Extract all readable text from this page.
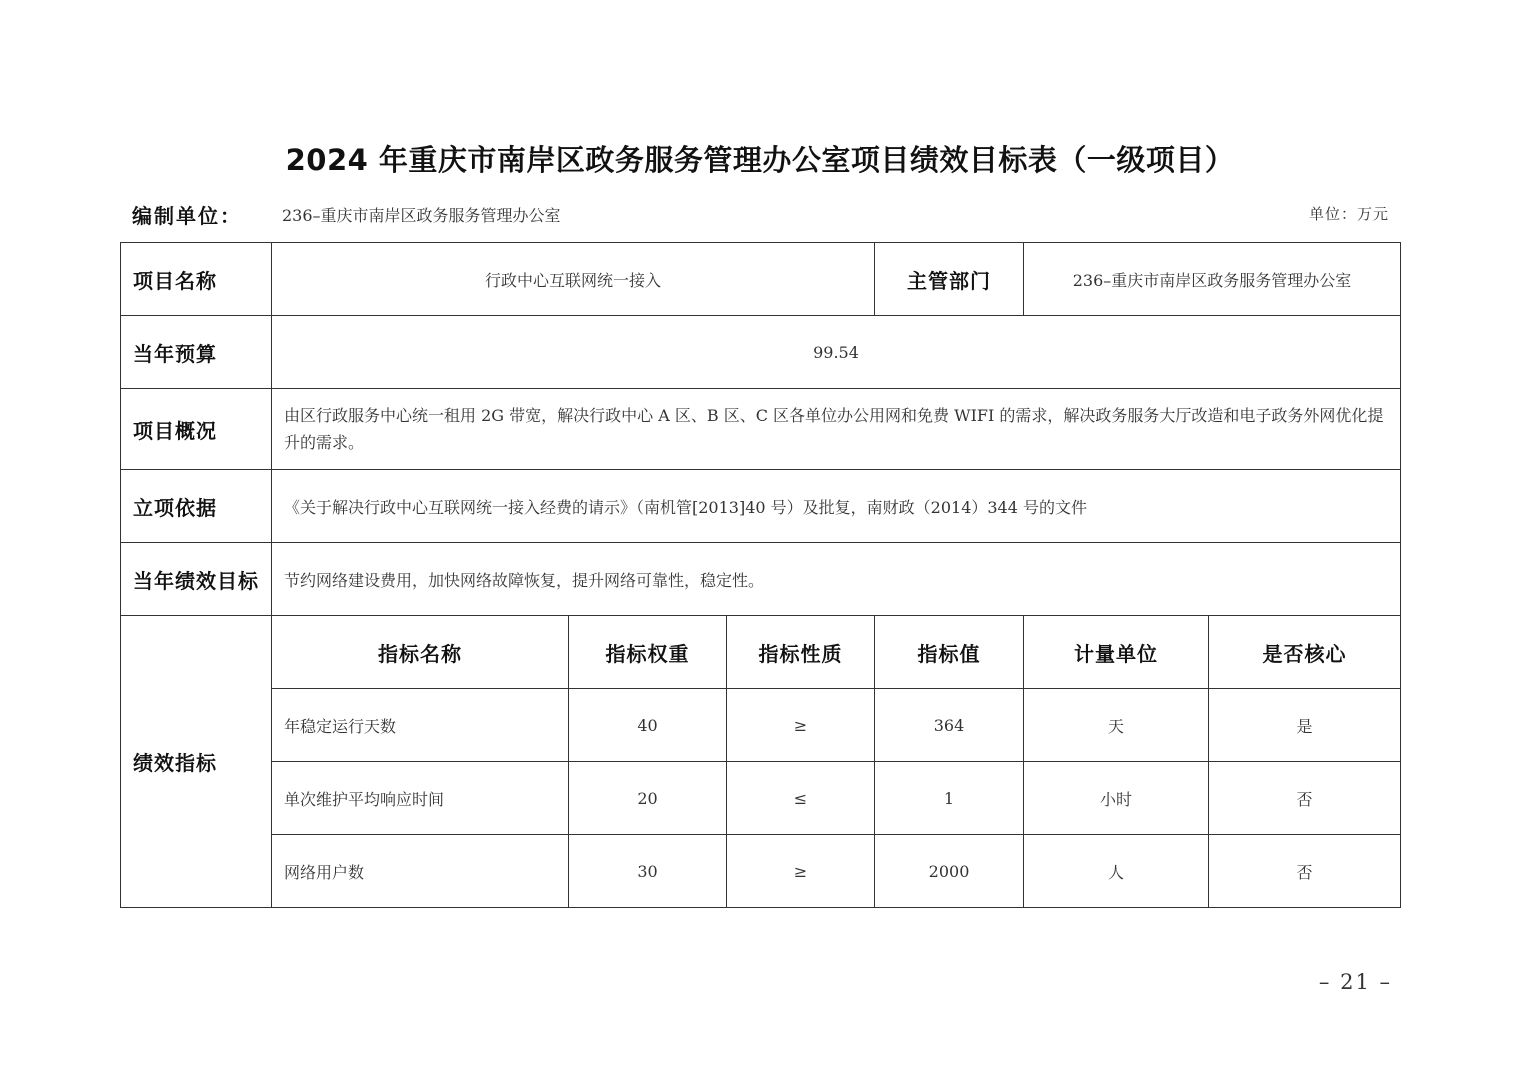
2024 年重庆市南岸区政务服务管理办公室项目绩效目标表（一级项目）
编制单位：	236–重庆市南岸区政务服务管理办公室	单位：万元
项目名称	行政中心互联网统一接入			主管部门	236–重庆市南岸区政务服务管理办公室	
当年预算	99.54					
项目概况	由区行政服务中心统一租用 2G 带宽，解决行政中心 A 区、B 区、C 区各单位办公用网和免费 WIFI 的需求，解决政务服务大厅改造和电子政务外网优化提升的需求。					
立项依据	《关于解决行政中心互联网统一接入经费的请示》（南机管[2013]40 号）及批复，南财政（2014）344 号的文件					
当年绩效目标	节约网络建设费用，加快网络故障恢复，提升网络可靠性，稳定性。					
绩效指标	指标名称	指标权重	指标性质	指标值	计量单位	是否核心
	年稳定运行天数	40	≥	364	天	是
	单次维护平均响应时间	20	≤	1	小时	否
	网络用户数	30	≥	2000	人	否
– 21 –
